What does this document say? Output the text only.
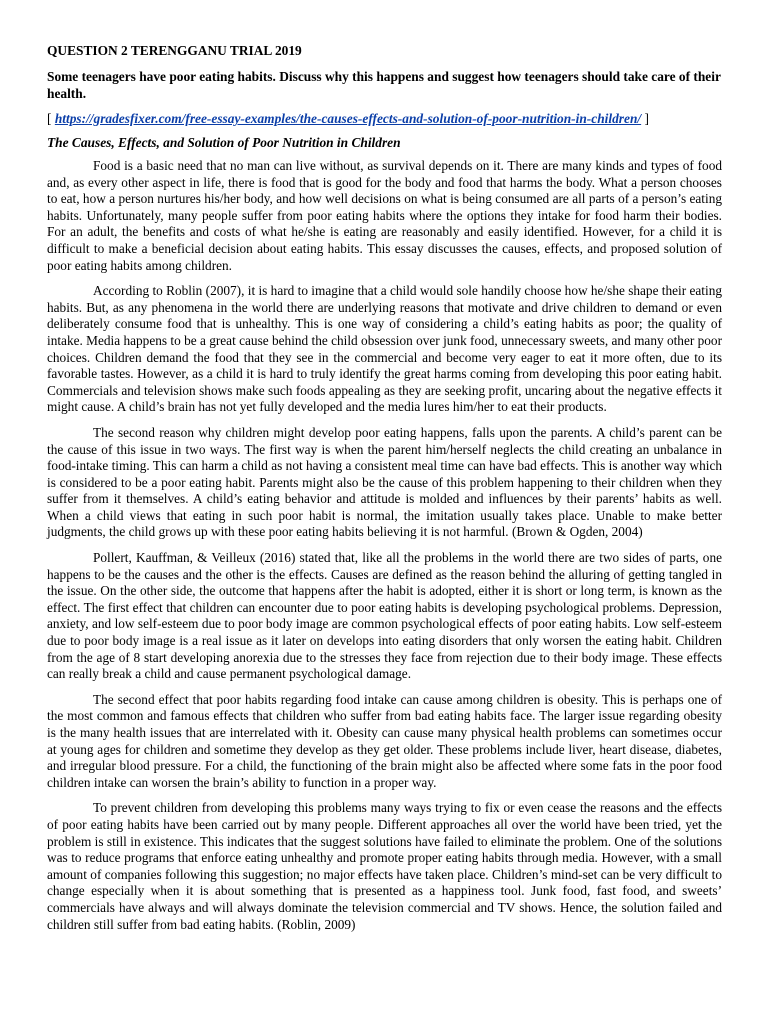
QUESTION 2 TERENGGANU TRIAL 2019
Some teenagers have poor eating habits. Discuss why this happens and suggest how teenagers should take care of their health.
[ https://gradesfixer.com/free-essay-examples/the-causes-effects-and-solution-of-poor-nutrition-in-children/ ]
The Causes, Effects, and Solution of Poor Nutrition in Children

Food is a basic need that no man can live without, as survival depends on it. There are many kinds and types of food and, as every other aspect in life, there is food that is good for the body and food that harms the body. What a person chooses to eat, how a person nurtures his/her body, and how well decisions on what is being consumed are all parts of a person’s eating habits. Unfortunately, many people suffer from poor eating habits where the options they intake for food harm their bodies. For an adult, the benefits and costs of what he/she is eating are reasonably and easily identified. However, for a child it is difficult to make a beneficial decision about eating habits. This essay discusses the causes, effects, and proposed solution of poor eating habits among children.

According to Roblin (2007), it is hard to imagine that a child would sole handily choose how he/she shape their eating habits. But, as any phenomena in the world there are underlying reasons that motivate and drive children to demand or even deliberately consume food that is unhealthy. This is one way of considering a child’s eating habits as poor; the quality of intake. Media happens to be a great cause behind the child obsession over junk food, unnecessary sweets, and many other poor choices. Children demand the food that they see in the commercial and become very eager to eat it more often, due to its favorable tastes. However, as a child it is hard to truly identify the great harms coming from developing this poor eating habit. Commercials and television shows make such foods appealing as they are seeking profit, uncaring about the negative effects it might cause. A child’s brain has not yet fully developed and the media lures him/her to eat their products.

The second reason why children might develop poor eating happens, falls upon the parents. A child’s parent can be the cause of this issue in two ways. The first way is when the parent him/herself neglects the child creating an unbalance in food-intake timing. This can harm a child as not having a consistent meal time can have bad effects. This is another way which is considered to be a poor eating habit. Parents might also be the cause of this problem happening to their children when they suffer from it themselves. A child’s eating behavior and attitude is molded and influences by their parents’ habits as well. When a child views that eating in such poor habit is normal, the imitation usually takes place. Unable to make better judgments, the child grows up with these poor eating habits believing it is not harmful. (Brown & Ogden, 2004)

Pollert, Kauffman, & Veilleux (2016) stated that, like all the problems in the world there are two sides of parts, one happens to be the causes and the other is the effects. Causes are defined as the reason behind the alluring of getting tangled in the issue. On the other side, the outcome that happens after the habit is adopted, either it is short or long term, is known as the effect. The first effect that children can encounter due to poor eating habits is developing psychological problems. Depression, anxiety, and low self-esteem due to poor body image are common psychological effects of poor eating habits. Low self-esteem due to poor body image is a real issue as it later on develops into eating disorders that only worsen the eating habit. Children from the age of 8 start developing anorexia due to the stresses they face from rejection due to their body image. These effects can really break a child and cause permanent psychological damage.

The second effect that poor habits regarding food intake can cause among children is obesity. This is perhaps one of the most common and famous effects that children who suffer from bad eating habits face. The larger issue regarding obesity is the many health issues that are interrelated with it. Obesity can cause many physical health problems can sometimes occur at young ages for children and sometime they develop as they get older. These problems include liver, heart disease, diabetes, and irregular blood pressure. For a child, the functioning of the brain might also be affected where some fats in the poor food children intake can worsen the brain’s ability to function in a proper way.

To prevent children from developing this problems many ways trying to fix or even cease the reasons and the effects of poor eating habits have been carried out by many people. Different approaches all over the world have been tried, yet the problem is still in existence. This indicates that the suggest solutions have failed to eliminate the problem. One of the solutions was to reduce programs that enforce eating unhealthy and promote proper eating habits through media. However, with a small amount of companies following this suggestion; no major effects have taken place. Children’s mind-set can be very difficult to change especially when it is about something that is presented as a happiness tool. Junk food, fast food, and sweets’ commercials have always and will always dominate the television commercial and TV shows. Hence, the solution failed and children still suffer from bad eating habits. (Roblin, 2009)
